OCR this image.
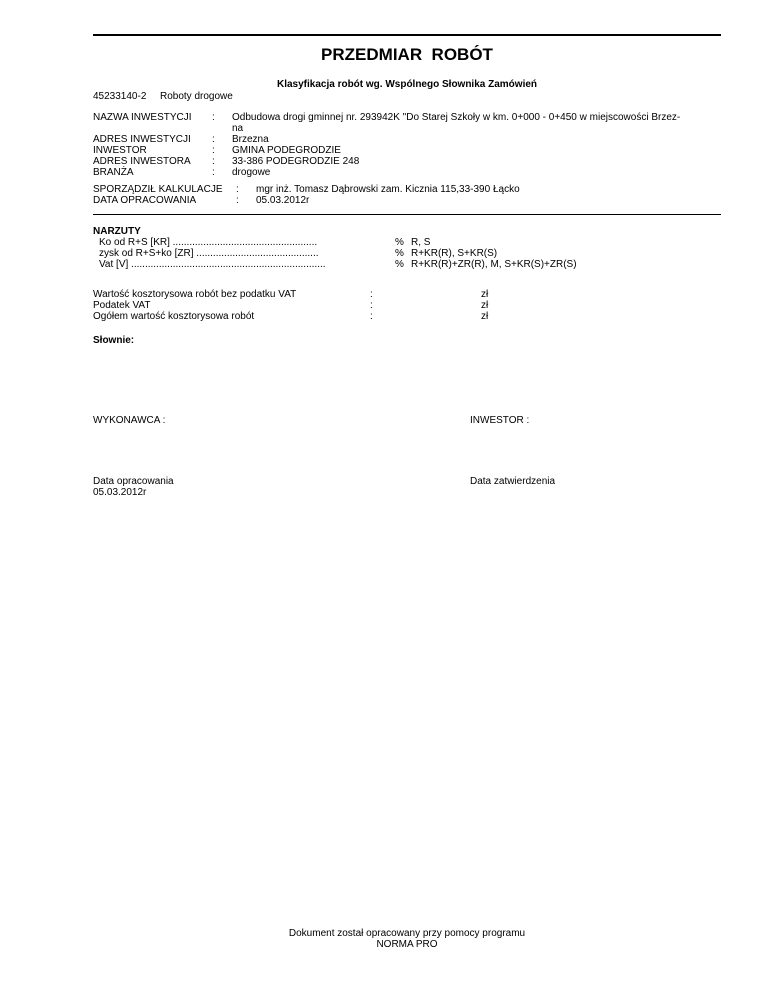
PRZEDMIAR  ROBÓT
Klasyfikacja robót wg. Wspólnego Słownika Zamówień
45233140-2 Roboty drogowe
NAZWA INWESTYCJI : Odbudowa drogi gminnej nr. 293942K "Do Starej Szkoły w km. 0+000 - 0+450 w miejscowości Brzez-
na
ADRES INWESTYCJI : Brzezna
INWESTOR	: GMINA PODEGRODZIE
ADRES INWESTORA : 33-386 PODEGRODZIE 248
BRANŻA	: drogowe
SPORZĄDZIŁ KALKULACJE : mgr inż. Tomasz Dąbrowski zam. Kicznia 115,33-390 Łącko
DATA OPRACOWANIA	: 05.03.2012r
NARZUTY
Ko od R+S [KR] ....................................................	% R, S
zysk od R+S+ko [ZR] ............................................	% R+KR(R), S+KR(S)
Vat [V] ......................................................................	% R+KR(R)+ZR(R), M, S+KR(S)+ZR(S)
Wartość kosztorysowa robót bez podatku VAT	:	zł
Podatek VAT	:	zł
Ogółem wartość kosztorysowa robót	:	zł
Słownie:
WYKONAWCA :	INWESTOR :
Data opracowania
05.03.2012r
Data zatwierdzenia
Dokument został opracowany przy pomocy programu
NORMA PRO
